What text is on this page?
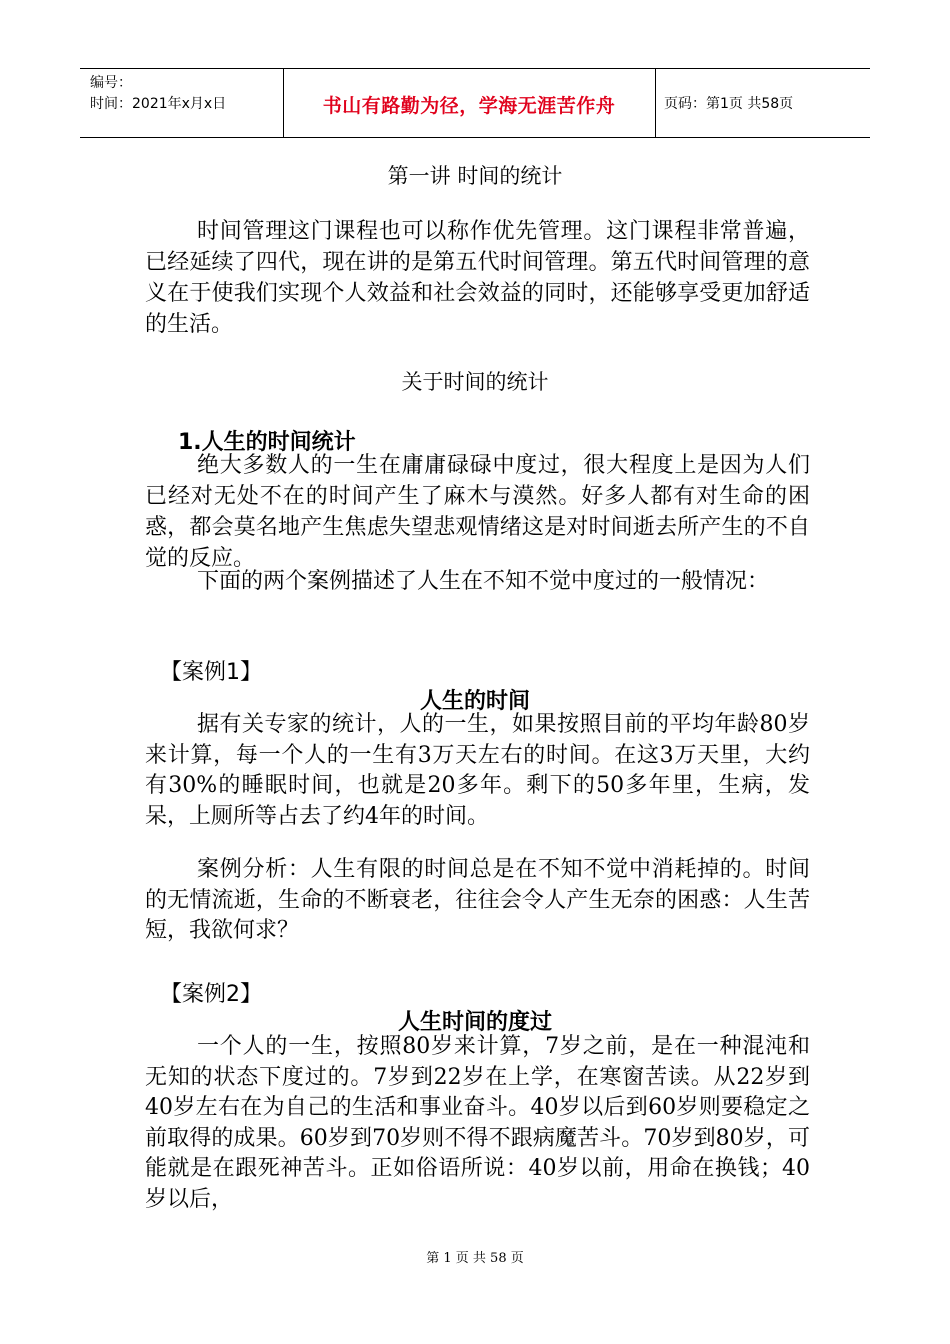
编号：
时间：2021年x月x日	书山有路勤为径，学海无涯苦作舟	页码：第1页 共58页
第一讲 时间的统计
时间管理这门课程也可以称作优先管理。这门课程非常普遍，已经延续了四代，现在讲的是第五代时间管理。第五代时间管理的意义在于使我们实现个人效益和社会效益的同时，还能够享受更加舒适的生活。
关于时间的统计
1.人生的时间统计
绝大多数人的一生在庸庸碌碌中度过，很大程度上是因为人们已经对无处不在的时间产生了麻木与漠然。好多人都有对生命的困惑，都会莫名地产生焦虑失望悲观情绪这是对时间逝去所产生的不自觉的反应。
下面的两个案例描述了人生在不知不觉中度过的一般情况：
【案例1】
人生的时间
据有关专家的统计，人的一生，如果按照目前的平均年龄80岁来计算，每一个人的一生有3万天左右的时间。在这3万天里，大约有30%的睡眠时间，也就是20多年。剩下的50多年里，生病，发呆，上厕所等占去了约4年的时间。
案例分析：人生有限的时间总是在不知不觉中消耗掉的。时间的无情流逝，生命的不断衰老，往往会令人产生无奈的困惑：人生苦短，我欲何求？
【案例2】
人生时间的度过
一个人的一生，按照80岁来计算，7岁之前，是在一种混沌和无知的状态下度过的。7岁到22岁在上学，在寒窗苦读。从22岁到40岁左右在为自己的生活和事业奋斗。40岁以后到60岁则要稳定之前取得的成果。60岁到70岁则不得不跟病魔苦斗。70岁到80岁，可能就是在跟死神苦斗。正如俗语所说：40岁以前，用命在换钱；40岁以后，
第 1 页 共 58 页
